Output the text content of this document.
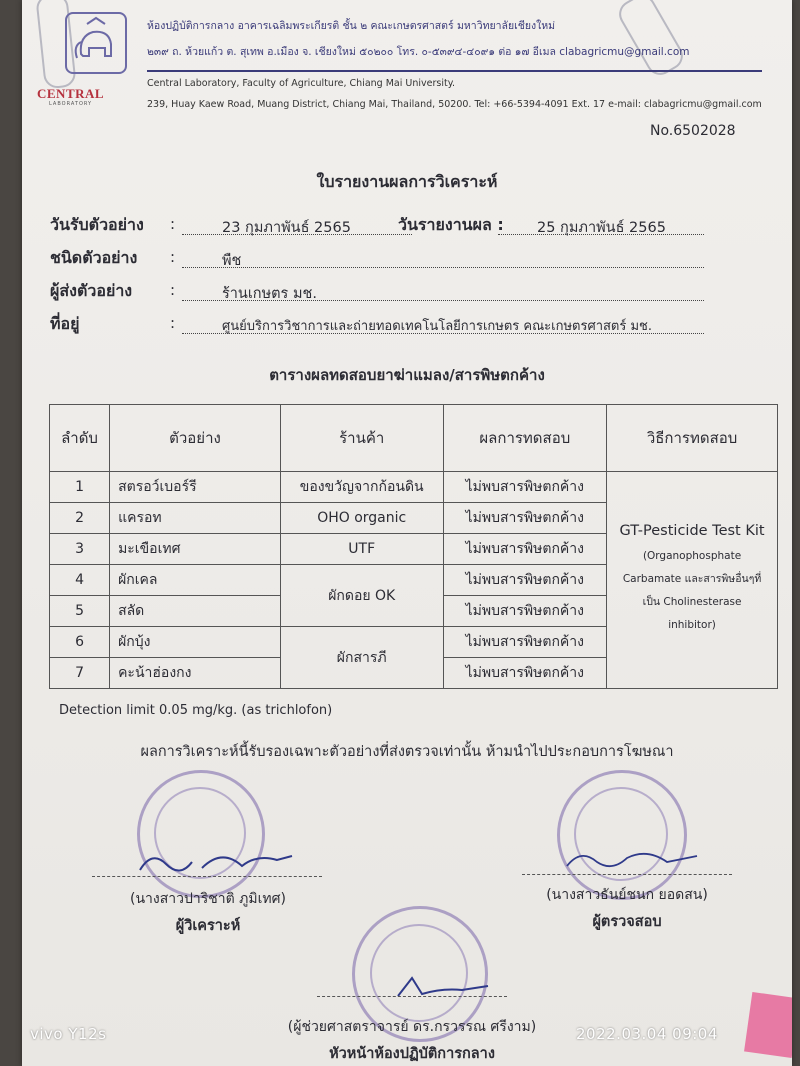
CENTRAL
LABORATORY
ห้องปฏิบัติการกลาง อาคารเฉลิมพระเกียรติ ชั้น ๒ คณะเกษตรศาสตร์ มหาวิทยาลัยเชียงใหม่
๒๓๙ ถ. ห้วยแก้ว ต. สุเทพ อ.เมือง จ. เชียงใหม่ ๕๐๒๐๐ โทร. ๐-๕๓๙๔-๔๐๙๑ ต่อ ๑๗ อีเมล clabagricmu@gmail.com
Central Laboratory, Faculty of Agriculture, Chiang Mai University.
239, Huay Kaew Road, Muang District, Chiang Mai, Thailand, 50200. Tel: +66-5394-4091 Ext. 17 e-mail: clabagricmu@gmail.com
No.6502028
ใบรายงานผลการวิเคราะห์
วันรับตัวอย่าง :	23 กุมภาพันธ์ 2565	วันรายงานผล : 25 กุมภาพันธ์ 2565
ชนิดตัวอย่าง :	พืช
ผู้ส่งตัวอย่าง	:	ร้านเกษตร มช.
ที่อยู่	:	ศูนย์บริการวิชาการและถ่ายทอดเทคโนโลยีการเกษตร คณะเกษตรศาสตร์ มช.
ตารางผลทดสอบยาฆ่าแมลง/สารพิษตกค้าง
ลำดับ	ตัวอย่าง	ร้านค้า	ผลการทดสอบ	วิธีการทดสอบ
1	สตรอว์เบอร์รี	ของขวัญจากก้อนดิน	ไม่พบสารพิษตกค้าง	GT-Pesticide Test Kit
(Organophosphate
Carbamate และสารพิษอื่นๆที่
เป็น Cholinesterase
inhibitor)

2	แครอท	OHO organic	ไม่พบสารพิษตกค้าง	
3	มะเขือเทศ	UTF	ไม่พบสารพิษตกค้าง	
4	ผักเคล	ผักดอย OK	ไม่พบสารพิษตกค้าง	
5	สลัด		ไม่พบสารพิษตกค้าง	
6	ผักบุ้ง	ผักสารภี	ไม่พบสารพิษตกค้าง	
7	คะน้าฮ่องกง		ไม่พบสารพิษตกค้าง	
Detection limit 0.05 mg/kg. (as trichlofon)
ผลการวิเคราะห์นี้รับรองเฉพาะตัวอย่างที่ส่งตรวจเท่านั้น ห้ามนำไปประกอบการโฆษณา
(นางสาวปาริชาติ ภูมิเทศ)
ผู้วิเคราะห์
(นางสาวธันย์ชนก ยอดสน)
ผู้ตรวจสอบ
(ผู้ช่วยศาสตราจารย์ ดร.กรวรรณ ศรีงาม)
หัวหน้าห้องปฏิบัติการกลาง
vivo Y12s	2022.03.04 09:04
